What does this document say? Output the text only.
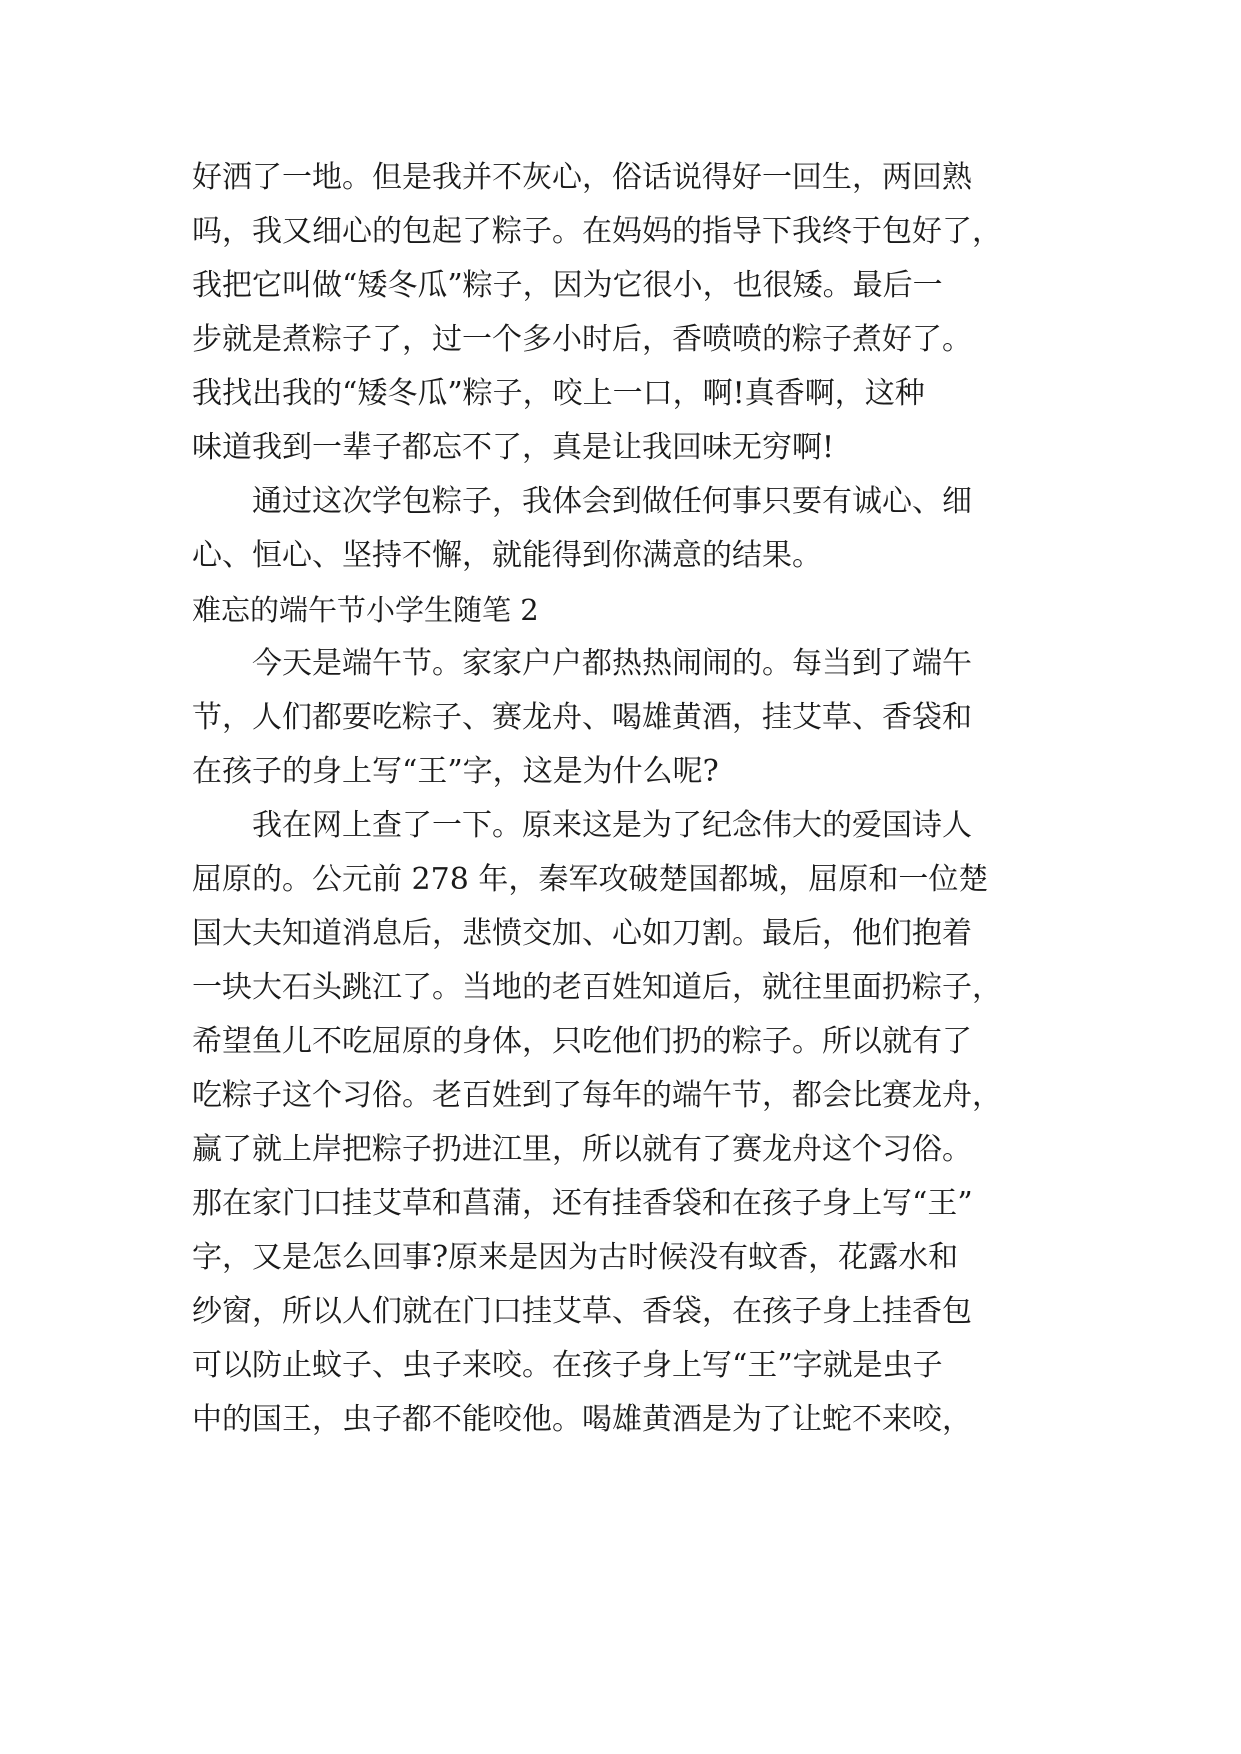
好洒了一地。但是我并不灰心，俗话说得好一回生，两回熟
吗，我又细心的包起了粽子。在妈妈的指导下我终于包好了，
我把它叫做“矮冬瓜”粽子，因为它很小，也很矮。最后一
步就是煮粽子了，过一个多小时后，香喷喷的粽子煮好了。
我找出我的“矮冬瓜”粽子，咬上一口，啊!真香啊，这种
味道我到一辈子都忘不了，真是让我回味无穷啊!
通过这次学包粽子，我体会到做任何事只要有诚心、细
心、恒心、坚持不懈，就能得到你满意的结果。
难忘的端午节小学生随笔 2
今天是端午节。家家户户都热热闹闹的。每当到了端午
节，人们都要吃粽子、赛龙舟、喝雄黄酒，挂艾草、香袋和
在孩子的身上写“王”字，这是为什么呢?
我在网上查了一下。原来这是为了纪念伟大的爱国诗人
屈原的。公元前 278 年，秦军攻破楚国都城，屈原和一位楚
国大夫知道消息后，悲愤交加、心如刀割。最后，他们抱着
一块大石头跳江了。当地的老百姓知道后，就往里面扔粽子，
希望鱼儿不吃屈原的身体，只吃他们扔的粽子。所以就有了
吃粽子这个习俗。老百姓到了每年的端午节，都会比赛龙舟，
赢了就上岸把粽子扔进江里，所以就有了赛龙舟这个习俗。
那在家门口挂艾草和菖蒲，还有挂香袋和在孩子身上写“王”
字，又是怎么回事?原来是因为古时候没有蚊香，花露水和
纱窗，所以人们就在门口挂艾草、香袋，在孩子身上挂香包
可以防止蚊子、虫子来咬。在孩子身上写“王”字就是虫子
中的国王，虫子都不能咬他。喝雄黄酒是为了让蛇不来咬，
